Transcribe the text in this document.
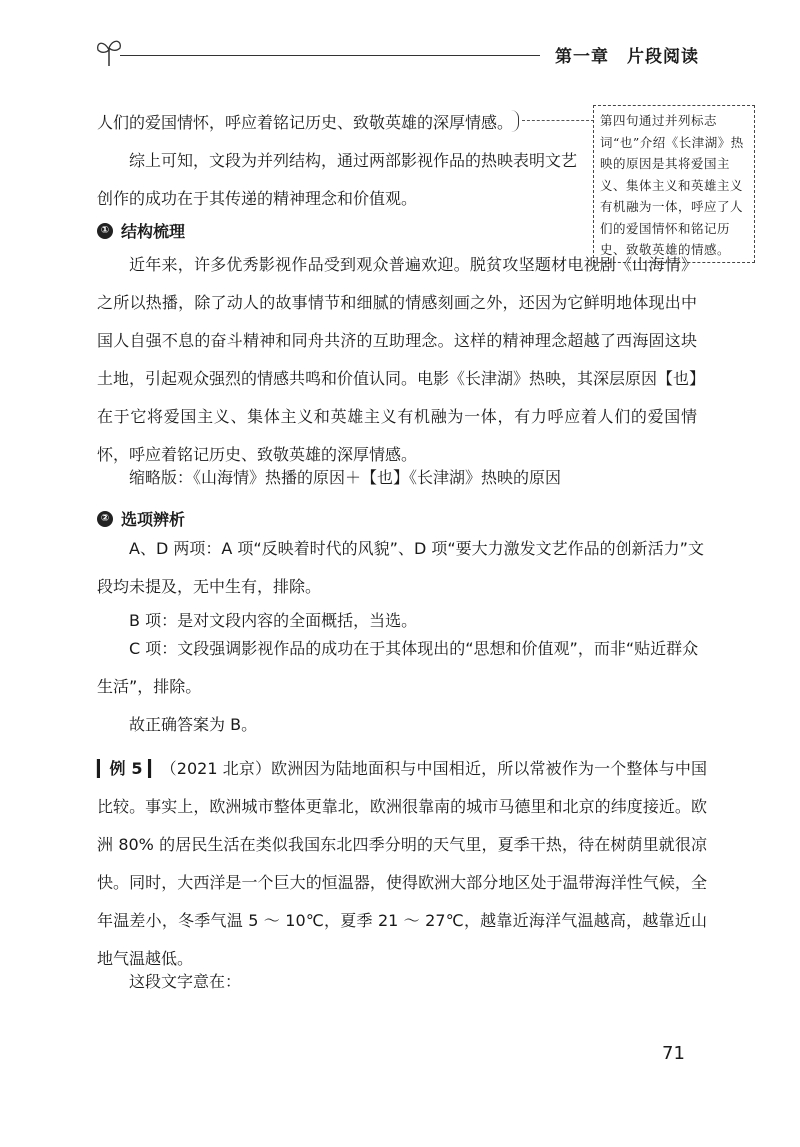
第一章　片段阅读

人们的爱国情怀，呼应着铭记历史、致敬英雄的深厚情感。	第四句通过并列标志词“也”介绍《长津湖》热映的原因是其将爱国主义、集体主义和英雄主义有机融为一体，呼应了人们的爱国情怀和铭记历史、致敬英雄的情感。

综上可知，文段为并列结构，通过两部影视作品的热映表明文艺创作的成功在于其传递的精神理念和价值观。

① 结构梳理

近年来，许多优秀影视作品受到观众普遍欢迎。脱贫攻坚题材电视剧《山海情》之所以热播，除了动人的故事情节和细腻的情感刻画之外，还因为它鲜明地体现出中国人自强不息的奋斗精神和同舟共济的互助理念。这样的精神理念超越了西海固这块土地，引起观众强烈的情感共鸣和价值认同。电影《长津湖》热映，其深层原因【也】在于它将爱国主义、集体主义和英雄主义有机融为一体，有力呼应着人们的爱国情怀，呼应着铭记历史、致敬英雄的深厚情感。

缩略版：《山海情》热播的原因＋【也】《长津湖》热映的原因

② 选项辨析

A、D 两项：A 项“反映着时代的风貌”、D 项“要大力激发文艺作品的创新活力”文段均未提及，无中生有，排除。

B 项：是对文段内容的全面概括，当选。

C 项：文段强调影视作品的成功在于其体现出的“思想和价值观”，而非“贴近群众生活”，排除。

故正确答案为 B。

▎例 5 ▎（2021 北京）欧洲因为陆地面积与中国相近，所以常被作为一个整体与中国比较。事实上，欧洲城市整体更靠北，欧洲很靠南的城市马德里和北京的纬度接近。欧洲 80% 的居民生活在类似我国东北四季分明的天气里，夏季干热，待在树荫里就很凉快。同时，大西洋是一个巨大的恒温器，使得欧洲大部分地区处于温带海洋性气候，全年温差小，冬季气温 5 ～ 10℃，夏季 21 ～ 27℃，越靠近海洋气温越高，越靠近山地气温越低。

这段文字意在：

71
